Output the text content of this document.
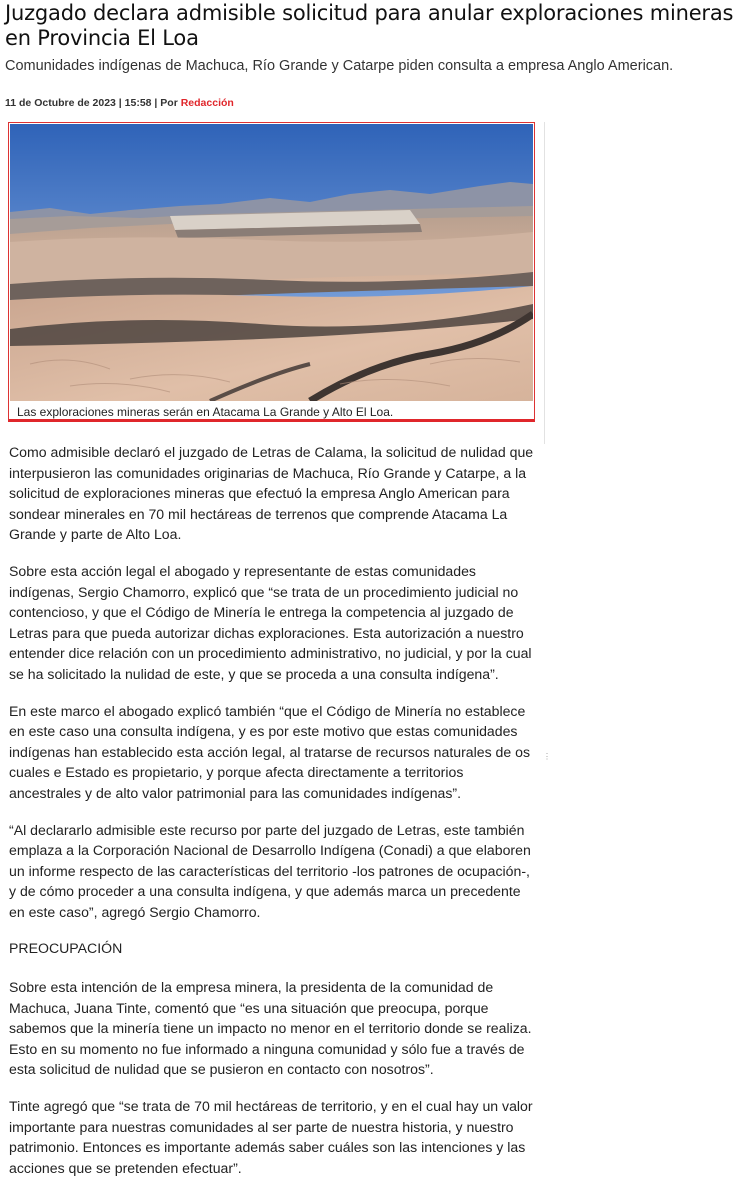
Juzgado declara admisible solicitud para anular exploraciones mineras en Provincia El Loa
Comunidades indígenas de Machuca, Río Grande y Catarpe piden consulta a empresa Anglo American.
11 de Octubre de 2023 | 15:58 | Por Redacción
Las exploraciones mineras serán en Atacama La Grande y Alto El Loa.
⋮

Como admisible declaró el juzgado de Letras de Calama, la solicitud de nulidad que interpusieron las comunidades originarias de Machuca, Río Grande y Catarpe, a la solicitud de exploraciones mineras que efectuó la empresa Anglo American para sondear minerales en 70 mil hectáreas de terrenos que comprende Atacama La Grande y parte de Alto Loa.

Sobre esta acción legal el abogado y representante de estas comunidades indígenas, Sergio Chamorro, explicó que “se trata de un procedimiento judicial no contencioso, y que el Código de Minería le entrega la competencia al juzgado de Letras para que pueda autorizar dichas exploraciones. Esta autorización a nuestro entender dice relación con un procedimiento administrativo, no judicial, y por la cual se ha solicitado la nulidad de este, y que se proceda a una consulta indígena”.

En este marco el abogado explicó también “que el Código de Minería no establece en este caso una consulta indígena, y es por este motivo que estas comunidades indígenas han establecido esta acción legal, al tratarse de recursos naturales de os cuales e Estado es propietario, y porque afecta directamente a territorios ancestrales y de alto valor patrimonial para las comunidades indígenas”.

“Al declararlo admisible este recurso por parte del juzgado de Letras, este también emplaza a la Corporación Nacional de Desarrollo Indígena (Conadi) a que elaboren un informe respecto de las características del territorio -los patrones de ocupación-, y de cómo proceder a una consulta indígena, y que además marca un precedente en este caso”, agregó Sergio Chamorro.

PREOCUPACIÓN

Sobre esta intención de la empresa minera, la presidenta de la comunidad de Machuca, Juana Tinte, comentó que “es una situación que preocupa, porque sabemos que la minería tiene un impacto no menor en el territorio donde se realiza. Esto en su momento no fue informado a ninguna comunidad y sólo fue a través de esta solicitud de nulidad que se pusieron en contacto con nosotros”.

Tinte agregó que “se trata de 70 mil hectáreas de territorio, y en el cual hay un valor importante para nuestras comunidades al ser parte de nuestra historia, y nuestro patrimonio. Entonces es importante además saber cuáles son las intenciones y las acciones que se pretenden efectuar”.
